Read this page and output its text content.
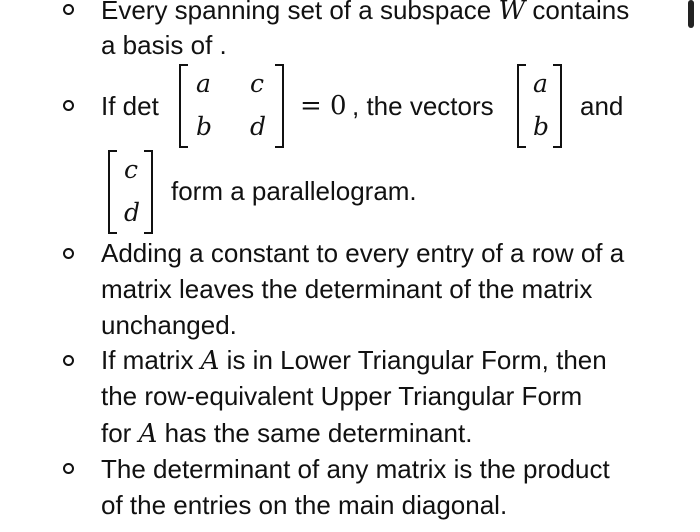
Every spanning set of a subspace W contains
a basis of .
If det
a c
b d
= 0 , the vectors
a
b
and
c
d
form a parallelogram.
Adding a constant to every entry of a row of a
matrix leaves the determinant of the matrix
unchanged.
If matrix A is in Lower Triangular Form, then
the row-equivalent Upper Triangular Form
for A has the same determinant.
The determinant of any matrix is the product
of the entries on the main diagonal.
